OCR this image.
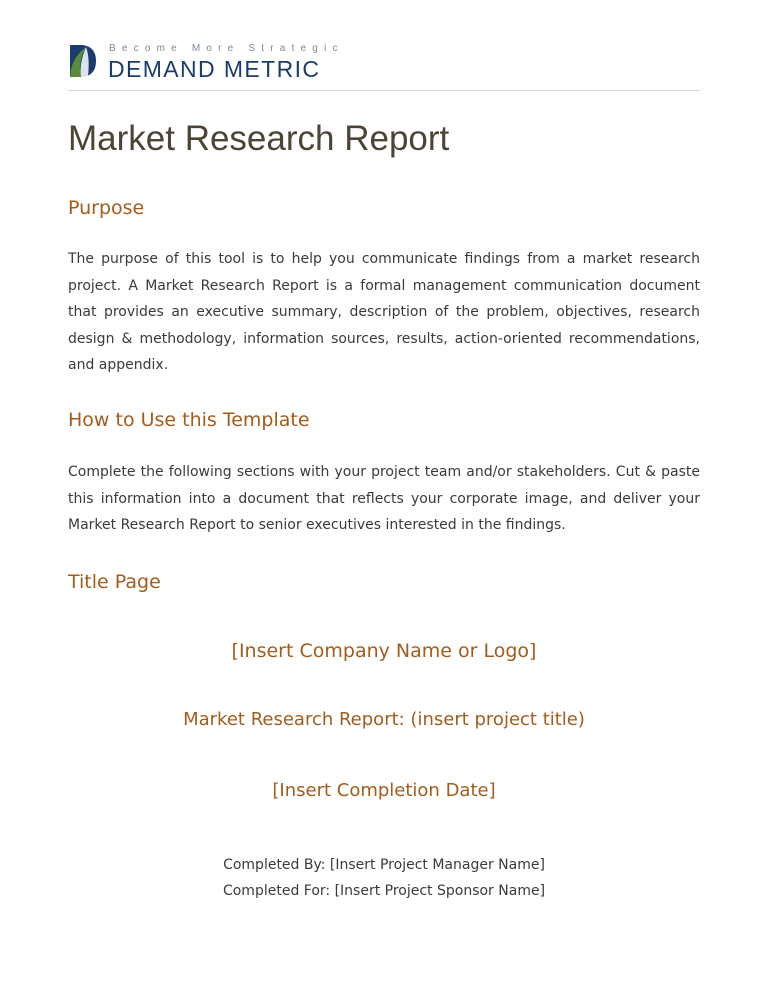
Become More Strategic
DEMAND METRIC
Market Research Report
Purpose

The purpose of this tool is to help you communicate findings from a market research project. A Market Research Report is a formal management communication document that provides an executive summary, description of the problem, objectives, research design & methodology, information sources, results, action-oriented recommendations, and appendix.

How to Use this Template

Complete the following sections with your project team and/or stakeholders. Cut & paste this information into a document that reflects your corporate image, and deliver your Market Research Report to senior executives interested in the findings.

Title Page
[Insert Company Name or Logo]
Market Research Report: (insert project title)
[Insert Completion Date]
Completed By: [Insert Project Manager Name]
Completed For: [Insert Project Sponsor Name]
